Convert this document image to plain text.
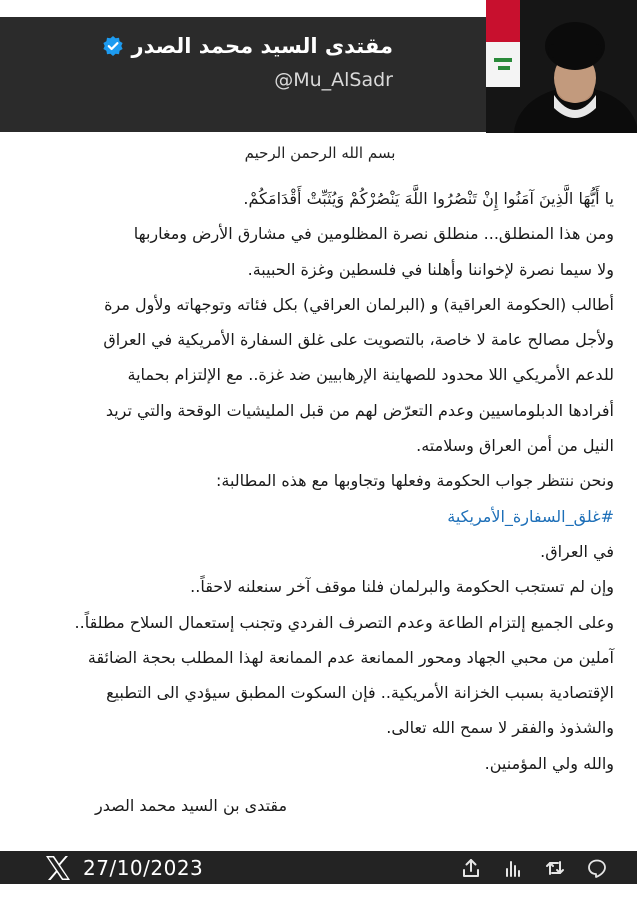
مقتدى السيد محمد الصدر
@Mu_AlSadr
بسم الله الرحمن الرحيم
يا أَيُّهَا الَّذِينَ آمَنُوا إِنْ تَنْصُرُوا اللَّهَ يَنْصُرْكُمْ وَيُثَبِّتْ أَقْدَامَكُمْ.
ومن هذا المنطلق... منطلق نصرة المظلومين في مشارق الأرض ومغاربها
ولا سيما نصرة لإخواننا وأهلنا في فلسطين وغزة الحبيبة.
أطالب (الحكومة العراقية) و (البرلمان العراقي) بكل فئاته وتوجهاته ولأول مرة
ولأجل مصالح عامة لا خاصة، بالتصويت على غلق السفارة الأمريكية في العراق
للدعم الأمريكي اللا محدود للصهاينة الإرهابيين ضد غزة.. مع الإلتزام بحماية
أفرادها الدبلوماسيين وعدم التعرّض لهم من قبل المليشيات الوقحة والتي تريد
النيل من أمن العراق وسلامته.
ونحن ننتظر جواب الحكومة وفعلها وتجاوبها مع هذه المطالبة:
#غلق_السفارة_الأمريكية
في العراق.
وإن لم تستجب الحكومة والبرلمان فلنا موقف آخر سنعلنه لاحقاً..
وعلى الجميع إلتزام الطاعة وعدم التصرف الفردي وتجنب إستعمال السلاح مطلقاً..
آملين من محبي الجهاد ومحور الممانعة عدم الممانعة لهذا المطلب بحجة الضائقة
الإقتصادية بسبب الخزانة الأمريكية.. فإن السكوت المطبق سيؤدي الى التطبيع
والشذوذ والفقر لا سمح الله تعالى.
والله ولي المؤمنين.
مقتدى بن السيد محمد الصدر
27/10/2023
